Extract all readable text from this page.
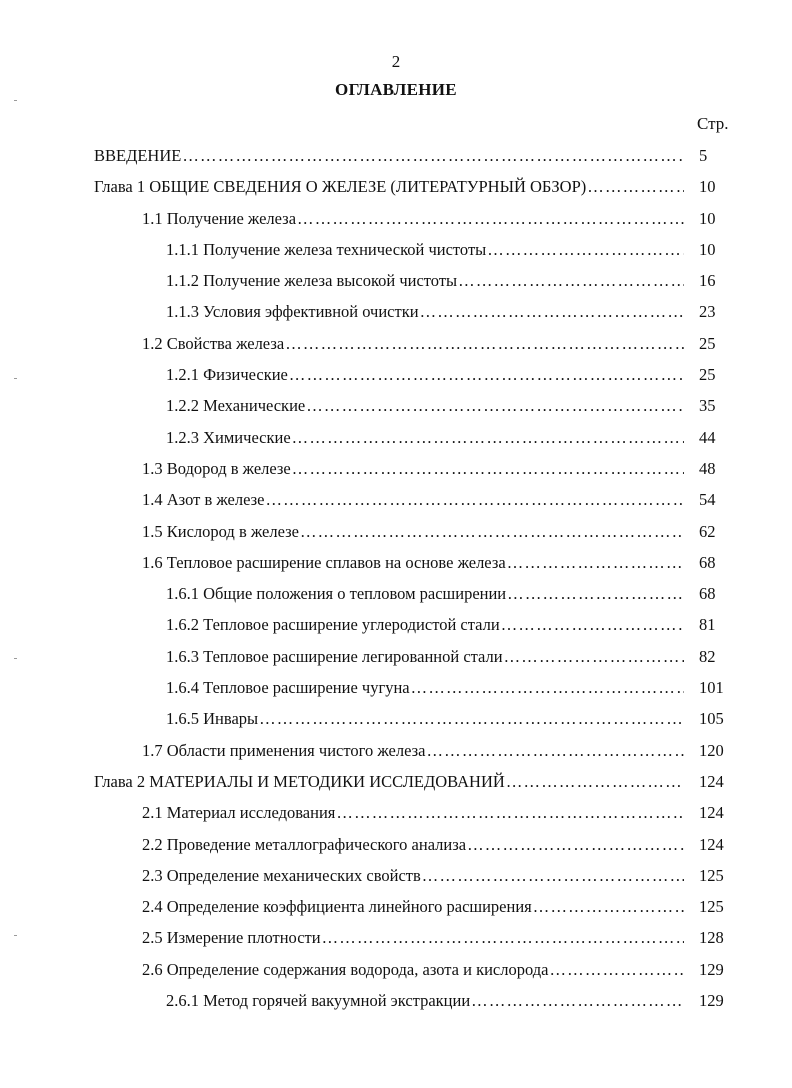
2
ОГЛАВЛЕНИЕ
Стр.
ВВЕДЕНИЕ ………………………………………………………………………………………………………………………………………………………………	5
Глава 1 ОБЩИЕ СВЕДЕНИЯ О ЖЕЛЕЗЕ (ЛИТЕРАТУРНЫЙ ОБЗОР) ………………………………………………………………………………………………………………………………………………………………	10
1.1 Получение железа ………………………………………………………………………………………………………………………………………………………………	10
1.1.1 Получение железа технической чистоты ………………………………………………………………………………………………………………………………………………………………	10
1.1.2 Получение железа высокой чистоты ………………………………………………………………………………………………………………………………………………………………	16
1.1.3 Условия эффективной очистки ………………………………………………………………………………………………………………………………………………………………	23
1.2 Свойства железа ………………………………………………………………………………………………………………………………………………………………	25
1.2.1 Физические ………………………………………………………………………………………………………………………………………………………………	25
1.2.2 Механические ………………………………………………………………………………………………………………………………………………………………	35
1.2.3 Химические ………………………………………………………………………………………………………………………………………………………………	44
1.3 Водород в железе ………………………………………………………………………………………………………………………………………………………………	48
1.4 Азот в железе ………………………………………………………………………………………………………………………………………………………………	54
1.5 Кислород в железе ………………………………………………………………………………………………………………………………………………………………	62
1.6 Тепловое расширение сплавов на основе железа ………………………………………………………………………………………………………………………………………………………………	68
1.6.1 Общие положения о тепловом расширении ………………………………………………………………………………………………………………………………………………………………	68
1.6.2 Тепловое расширение углеродистой стали ………………………………………………………………………………………………………………………………………………………………	81
1.6.3 Тепловое расширение легированной стали ………………………………………………………………………………………………………………………………………………………………	82
1.6.4 Тепловое расширение чугуна ………………………………………………………………………………………………………………………………………………………………	101
1.6.5 Инвары ………………………………………………………………………………………………………………………………………………………………	105
1.7 Области применения чистого железа ………………………………………………………………………………………………………………………………………………………………	120
Глава 2 МАТЕРИАЛЫ И МЕТОДИКИ ИССЛЕДОВАНИЙ ………………………………………………………………………………………………………………………………………………………………	124
2.1 Материал исследования ………………………………………………………………………………………………………………………………………………………………	124
2.2 Проведение металлографического анализа ………………………………………………………………………………………………………………………………………………………………	124
2.3 Определение механических свойств ………………………………………………………………………………………………………………………………………………………………	125
2.4 Определение коэффициента линейного расширения ………………………………………………………………………………………………………………………………………………………………	125
2.5 Измерение плотности ………………………………………………………………………………………………………………………………………………………………	128
2.6 Определение содержания водорода, азота и кислорода ………………………………………………………………………………………………………………………………………………………………	129
2.6.1 Метод горячей вакуумной экстракции ………………………………………………………………………………………………………………………………………………………………	129
